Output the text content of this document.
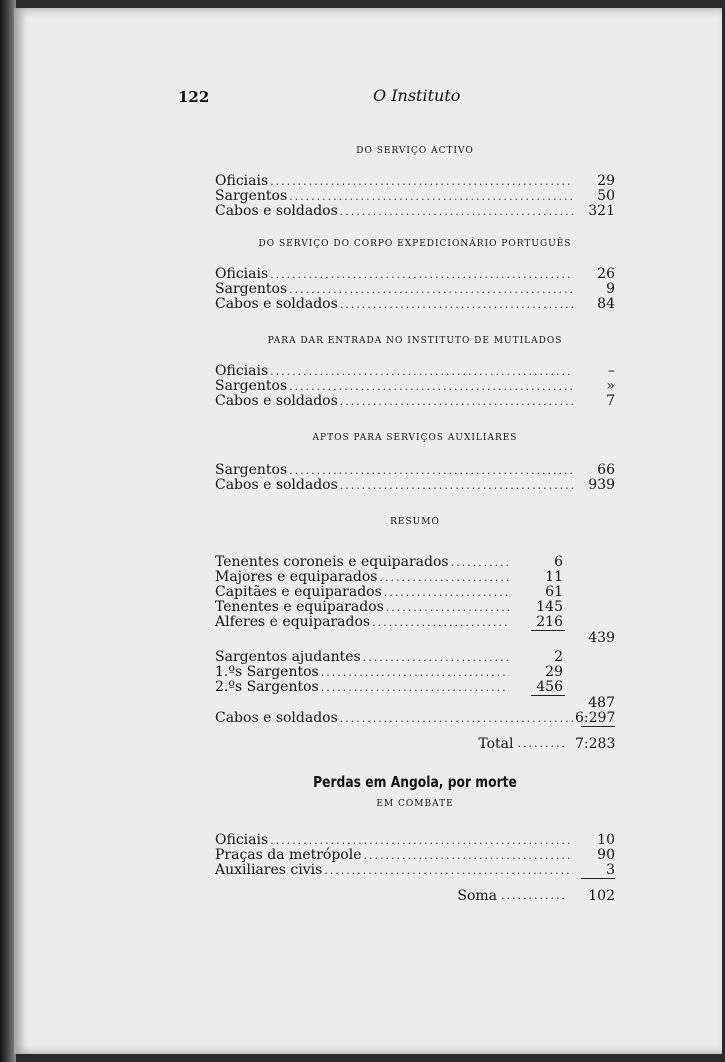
122	O Instituto
DO SERVIÇO ACTIVO
Oficiais .....	29
Sargentos .....	50
Cabos e soldados .....	321
DO SERVIÇO DO CORPO EXPEDICIONÁRIO PORTUGUÊS
Oficiais .....	26
Sargentos .....	9
Cabos e soldados .....	84
PARA DAR ENTRADA NO INSTITUTO DE MUTILADOS
Oficiais .....	–
Sargentos .....	»
Cabos e soldados .....	7
APTOS PARA SERVIÇOS AUXILIARES
Sargentos .....	66
Cabos e soldados .....	939
RESUMO
Tenentes coroneis e equiparados .....	6
Majores e equiparados .....	11
Capitães e equiparados .....	61
Tenentes e equiparados .....	145
Alferes e equiparados .....	216
439
Sargentos ajudantes .....	2
1.ºs Sargentos .....	29
2.ºs Sargentos .....	456
487
Cabos e soldados .....	6:297
Total ......... 7:283
Perdas em Angola, por morte
EM COMBATE
Oficiais .....	10
Praças da metrópole .....	90
Auxiliares civis .....	3
Soma ............	102
